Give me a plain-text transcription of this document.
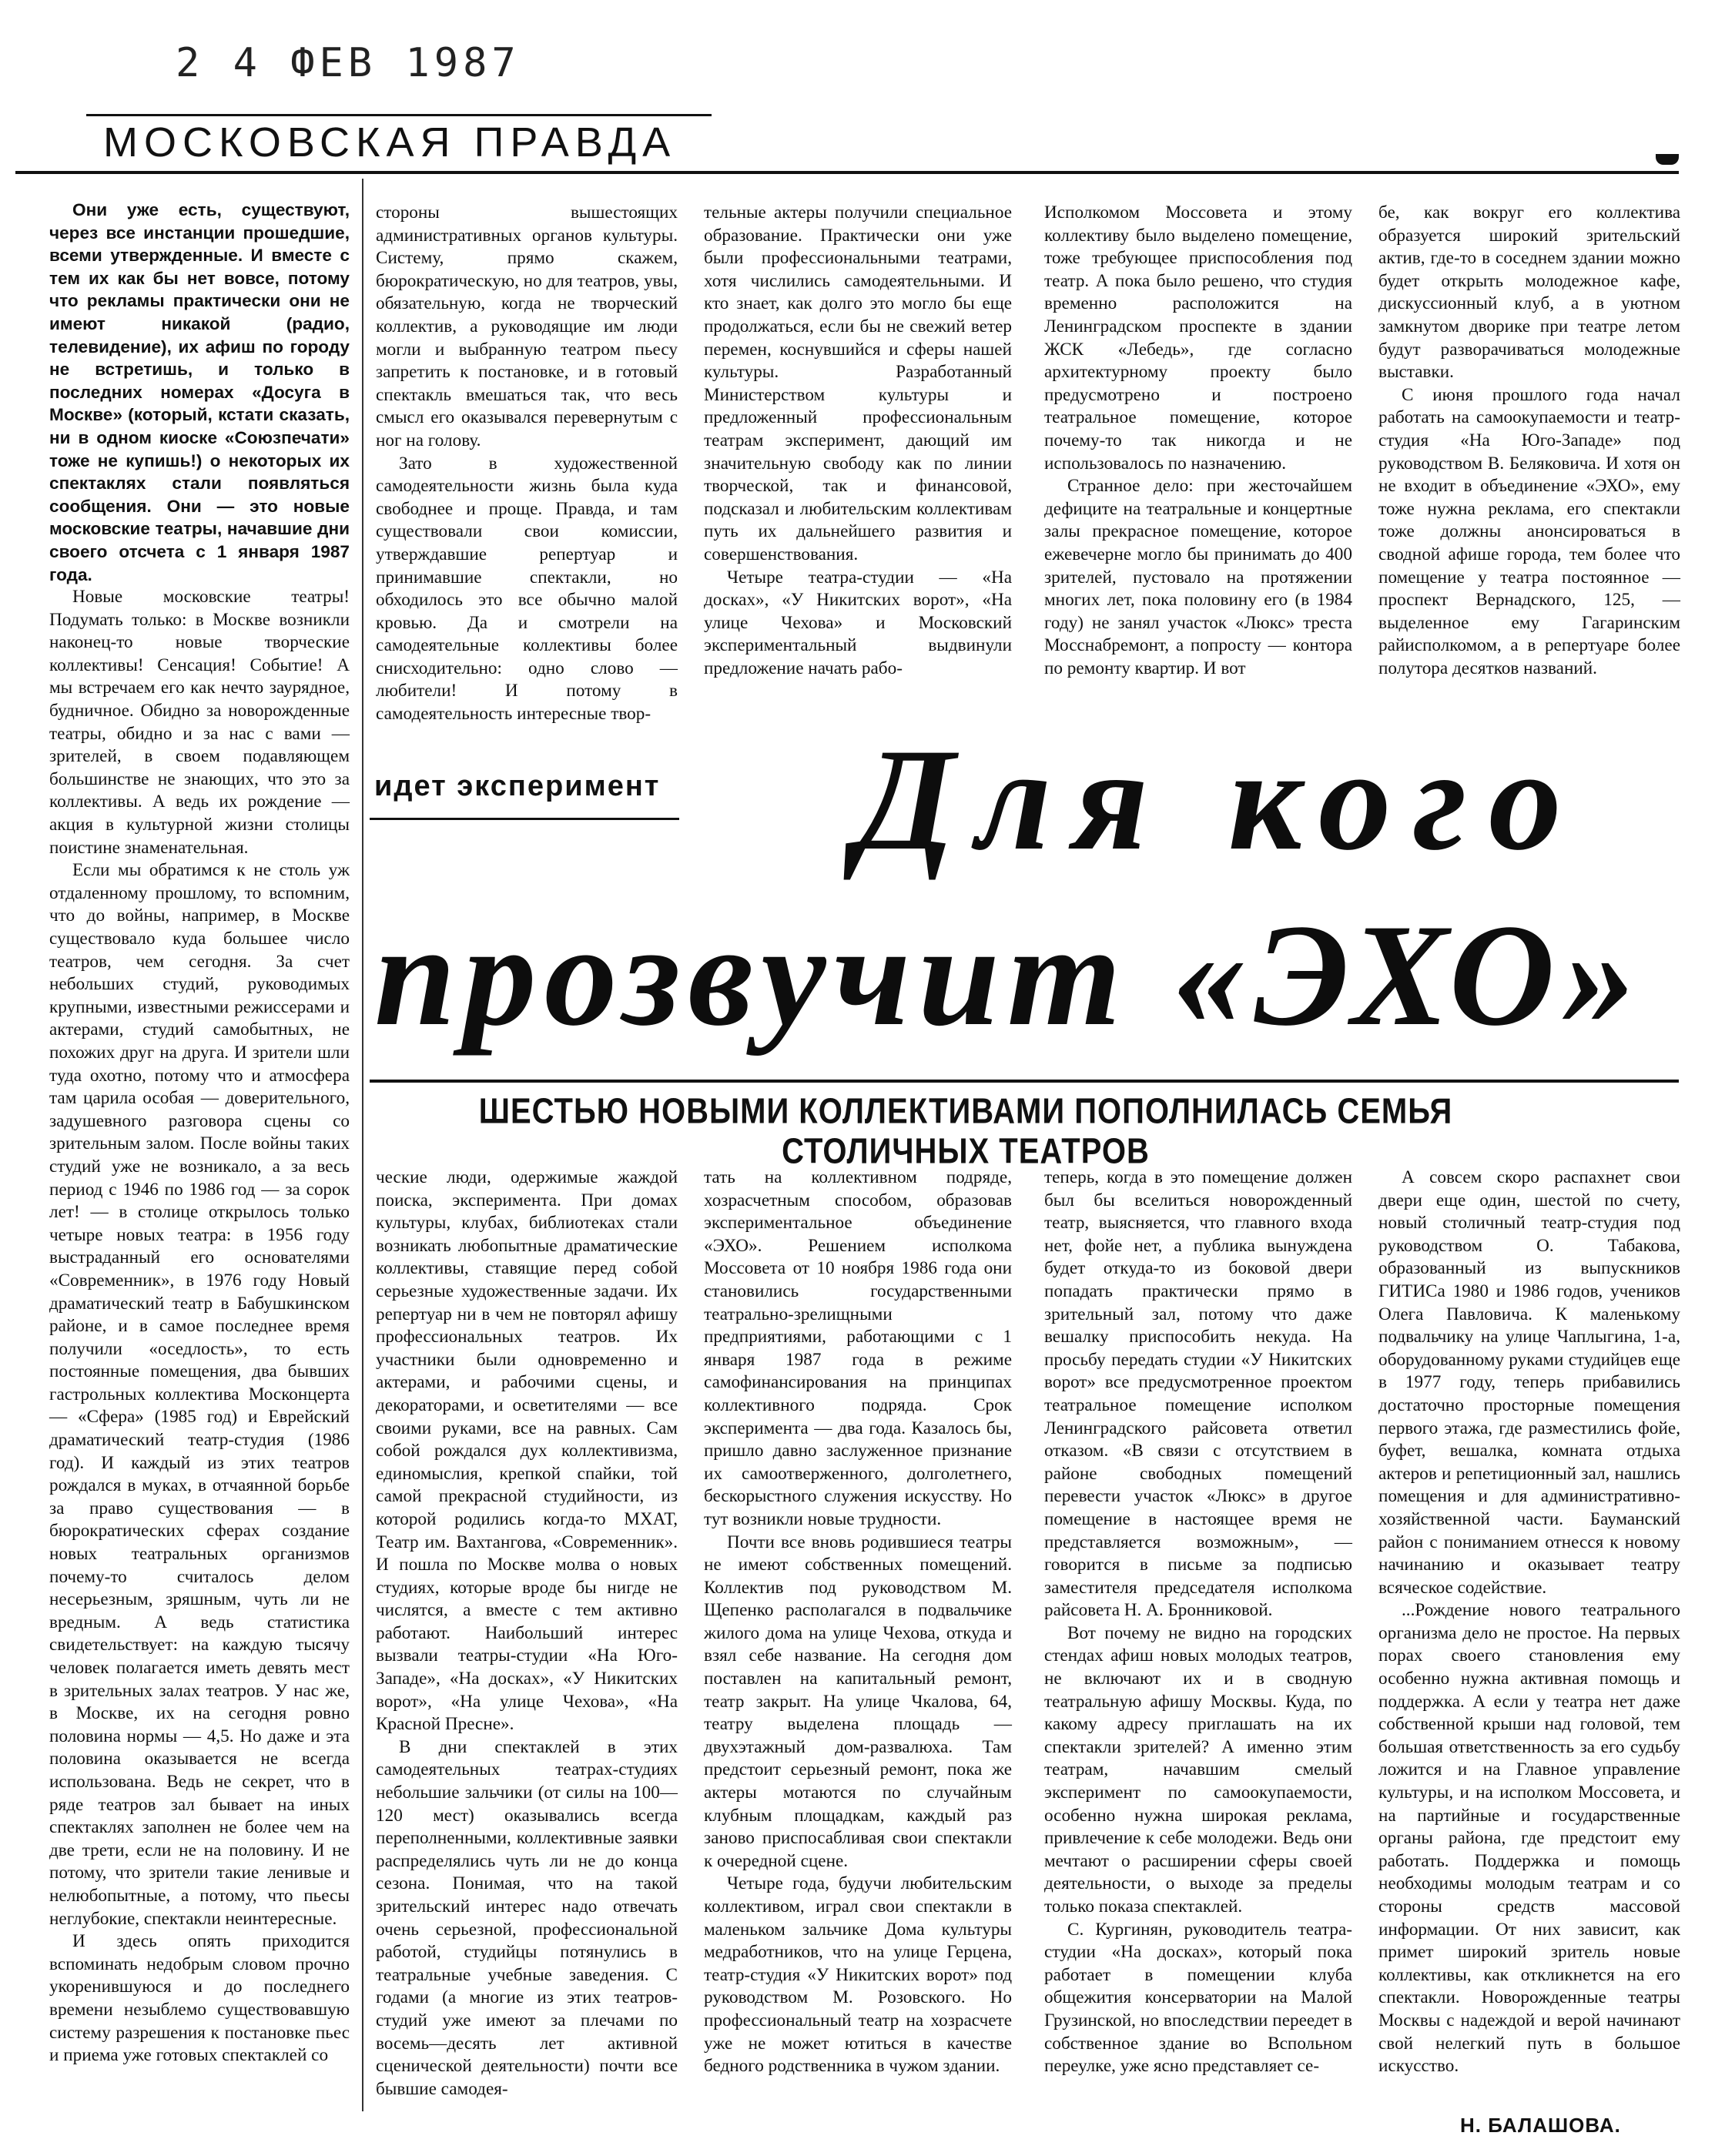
2 4 ФЕВ 1987
МОСКОВСКАЯ ПРАВДА

Они уже есть, существуют, через все инстанции прошедшие, всеми утвержденные. И вместе с тем их как бы нет вовсе, потому что рекламы практически они не имеют никакой (радио, телевидение), их афиш по городу не встретишь, и только в последних номерах «Досуга в Москве» (который, кстати сказать, ни в одном киоске «Союзпечати» тоже не купишь!) о некоторых их спектаклях стали появляться сообщения. Они — это новые московские театры, начавшие дни своего отсчета с 1 января 1987 года.

Новые московские театры! Подумать только: в Москве возникли наконец-то новые творческие коллективы! Сенсация! Событие! А мы встречаем его как нечто заурядное, будничное. Обидно за новорожденные театры, обидно и за нас с вами — зрителей, в своем подавляющем большинстве не знающих, что это за коллективы. А ведь их рождение — акция в культурной жизни столицы поистине знаменательная.

Если мы обратимся к не столь уж отдаленному прошлому, то вспомним, что до войны, например, в Москве существовало куда большее число театров, чем сегодня. За счет небольших студий, руководимых крупными, известными режиссерами и актерами, студий самобытных, не похожих друг на друга. И зрители шли туда охотно, потому что и атмосфера там царила особая — доверительного, задушевного разговора сцены со зрительным залом. После войны таких студий уже не возникало, а за весь период с 1946 по 1986 год — за сорок лет! — в столице открылось только четыре новых театра: в 1956 году выстраданный его основателями «Современник», в 1976 году Новый драматический театр в Бабушкинском районе, и в самое последнее время получили «оседлость», то есть постоянные помещения, два бывших гастрольных коллектива Москонцерта — «Сфера» (1985 год) и Еврейский драматический театр-студия (1986 год). И каждый из этих театров рождался в муках, в отчаянной борьбе за право существования — в бюрократических сферах создание новых театральных организмов почему-то считалось делом несерьезным, зряшным, чуть ли не вредным. А ведь статистика свидетельствует: на каждую тысячу человек полагается иметь девять мест в зрительных залах театров. У нас же, в Москве, их на сегодня ровно половина нормы — 4,5. Но даже и эта половина оказывается не всегда использована. Ведь не секрет, что в ряде театров зал бывает на иных спектаклях заполнен не более чем на две трети, если не на половину. И не потому, что зрители такие ленивые и нелюбопытные, а потому, что пьесы неглубокие, спектакли неинтересные.

И здесь опять приходится вспоминать недобрым словом прочно укоренившуюся и до последнего времени незыблемо существовавшую систему разрешения к постановке пьес и приема уже готовых спектаклей со

стороны вышестоящих административных органов культуры. Систему, прямо скажем, бюрократическую, но для театров, увы, обязательную, когда не творческий коллектив, а руководящие им люди могли и выбранную театром пьесу запретить к постановке, и в готовый спектакль вмешаться так, что весь смысл его оказывался перевернутым с ног на голову.

Зато в художественной самодеятельности жизнь была куда свободнее и проще. Правда, и там существовали свои комиссии, утверждавшие репертуар и принимавшие спектакли, но обходилось это все обычно малой кровью. Да и смотрели на самодеятельные коллективы более снисходительно: одно слово — любители! И потому в самодеятельность интересные твор-

тельные актеры получили специальное образование. Практически они уже были профессиональными театрами, хотя числились самодеятельными. И кто знает, как долго это могло бы еще продолжаться, если бы не свежий ветер перемен, коснувшийся и сферы нашей культуры. Разработанный Министерством культуры и предложенный профессиональным театрам эксперимент, дающий им значительную свободу как по линии творческой, так и финансовой, подсказал и любительским коллективам путь их дальнейшего развития и совершенствования.

Четыре театра-студии — «На досках», «У Никитских ворот», «На улице Чехова» и Московский экспериментальный выдвинули предложение начать рабо-

Исполкомом Моссовета и этому коллективу было выделено помещение, тоже требующее приспособления под театр. А пока было решено, что студия временно расположится на Ленинградском проспекте в здании ЖСК «Лебедь», где согласно архитектурному проекту было предусмотрено и построено театральное помещение, которое почему-то так никогда и не использовалось по назначению.

Странное дело: при жесточайшем дефиците на театральные и концертные залы прекрасное помещение, которое ежевечерне могло бы принимать до 400 зрителей, пустовало на протяжении многих лет, пока половину его (в 1984 году) не занял участок «Люкс» треста Мосснабремонт, а попросту — контора по ремонту квартир. И вот

бе, как вокруг его коллектива образуется широкий зрительский актив, где-то в соседнем здании можно будет открыть молодежное кафе, дискуссионный клуб, а в уютном замкнутом дворике при театре летом будут разворачиваться молодежные выставки.

С июня прошлого года начал работать на самоокупаемости и театр-студия «На Юго-Западе» под руководством В. Беляковича. И хотя он не входит в объединение «ЭХО», ему тоже нужна реклама, его спектакли тоже должны анонсироваться в сводной афише города, тем более что помещение у театра постоянное — проспект Вернадского, 125, — выделенное ему Гагаринским райисполкомом, а в репертуаре более полутора десятков названий.

идет эксперимент Для кого
прозвучит «ЭХО»
ШЕСТЬЮ НОВЫМИ КОЛЛЕКТИВАМИ ПОПОЛНИЛАСЬ СЕМЬЯ СТОЛИЧНЫХ ТЕАТРОВ

ческие люди, одержимые жаждой поиска, эксперимента. При домах культуры, клубах, библиотеках стали возникать любопытные драматические коллективы, ставящие перед собой серьезные художественные задачи. Их репертуар ни в чем не повторял афишу профессиональных театров. Их участники были одновременно и актерами, и рабочими сцены, и декораторами, и осветителями — все своими руками, все на равных. Сам собой рождался дух коллективизма, единомыслия, крепкой спайки, той самой прекрасной студийности, из которой родились когда-то МХАТ, Театр им. Вахтангова, «Современник». И пошла по Москве молва о новых студиях, которые вроде бы нигде не числятся, а вместе с тем активно работают. Наибольший интерес вызвали театры-студии «На Юго-Западе», «На досках», «У Никитских ворот», «На улице Чехова», «На Красной Пресне».

В дни спектаклей в этих самодеятельных театрах-студиях небольшие зальчики (от силы на 100—120 мест) оказывались всегда переполненными, коллективные заявки распределялись чуть ли не до конца сезона. Понимая, что на такой зрительский интерес надо отвечать очень серьезной, профессиональной работой, студийцы потянулись в театральные учебные заведения. С годами (а многие из этих театров-студий уже имеют за плечами по восемь—десять лет активной сценической деятельности) почти все бывшие самодея-

тать на коллективном подряде, хозрасчетным способом, образовав экспериментальное объединение «ЭХО». Решением исполкома Моссовета от 10 ноября 1986 года они становились государственными театрально-зрелищными предприятиями, работающими с 1 января 1987 года в режиме самофинансирования на принципах коллективного подряда. Срок эксперимента — два года. Казалось бы, пришло давно заслуженное признание их самоотверженного, долголетнего, бескорыстного служения искусству. Но тут возникли новые трудности.

Почти все вновь родившиеся театры не имеют собственных помещений. Коллектив под руководством М. Щепенко располагался в подвальчике жилого дома на улице Чехова, откуда и взял себе название. На сегодня дом поставлен на капитальный ремонт, театр закрыт. На улице Чкалова, 64, театру выделена площадь — двухэтажный дом-развалюха. Там предстоит серьезный ремонт, пока же актеры мотаются по случайным клубным площадкам, каждый раз заново приспосабливая свои спектакли к очередной сцене.

Четыре года, будучи любительским коллективом, играл свои спектакли в маленьком зальчике Дома культуры медработников, что на улице Герцена, театр-студия «У Никитских ворот» под руководством М. Розовского. Но профессиональный театр на хозрасчете уже не может ютиться в качестве бедного родственника в чужом здании.

теперь, когда в это помещение должен был бы вселиться новорожденный театр, выясняется, что главного входа нет, фойе нет, а публика вынуждена будет откуда-то из боковой двери попадать практически прямо в зрительный зал, потому что даже вешалку приспособить некуда. На просьбу передать студии «У Никитских ворот» все предусмотренное проектом театральное помещение исполком Ленинградского райсовета ответил отказом. «В связи с отсутствием в районе свободных помещений перевести участок «Люкс» в другое помещение в настоящее время не представляется возможным», — говорится в письме за подписью заместителя председателя исполкома райсовета Н. А. Бронниковой.

Вот почему не видно на городских стендах афиш новых молодых театров, не включают их и в сводную театральную афишу Москвы. Куда, по какому адресу приглашать на их спектакли зрителей? А именно этим театрам, начавшим смелый эксперимент по самоокупаемости, особенно нужна широкая реклама, привлечение к себе молодежи. Ведь они мечтают о расширении сферы своей деятельности, о выходе за пределы только показа спектаклей.

С. Кургинян, руководитель театра-студии «На досках», который пока работает в помещении клуба общежития консерватории на Малой Грузинской, но впоследствии переедет в собственное здание во Вспольном переулке, уже ясно представляет се-

А совсем скоро распахнет свои двери еще один, шестой по счету, новый столичный театр-студия под руководством О. Табакова, образованный из выпускников ГИТИСа 1980 и 1986 годов, учеников Олега Павловича. К маленькому подвальчику на улице Чаплыгина, 1-а, оборудованному руками студийцев еще в 1977 году, теперь прибавились достаточно просторные помещения первого этажа, где разместились фойе, буфет, вешалка, комната отдыха актеров и репетиционный зал, нашлись помещения и для административно-хозяйственной части. Бауманский район с пониманием отнесся к новому начинанию и оказывает театру всяческое содействие.

...Рождение нового театрального организма дело не простое. На первых порах своего становления ему особенно нужна активная помощь и поддержка. А если у театра нет даже собственной крыши над головой, тем большая ответственность за его судьбу ложится и на Главное управление культуры, и на исполком Моссовета, и на партийные и государственные органы района, где предстоит ему работать. Поддержка и помощь необходимы молодым театрам и со стороны средств массовой информации. От них зависит, как примет широкий зритель новые коллективы, как откликнется на его спектакли. Новорожденные театры Москвы с надеждой и верой начинают свой нелегкий путь в большое искусство.

Н. БАЛАШОВА.
